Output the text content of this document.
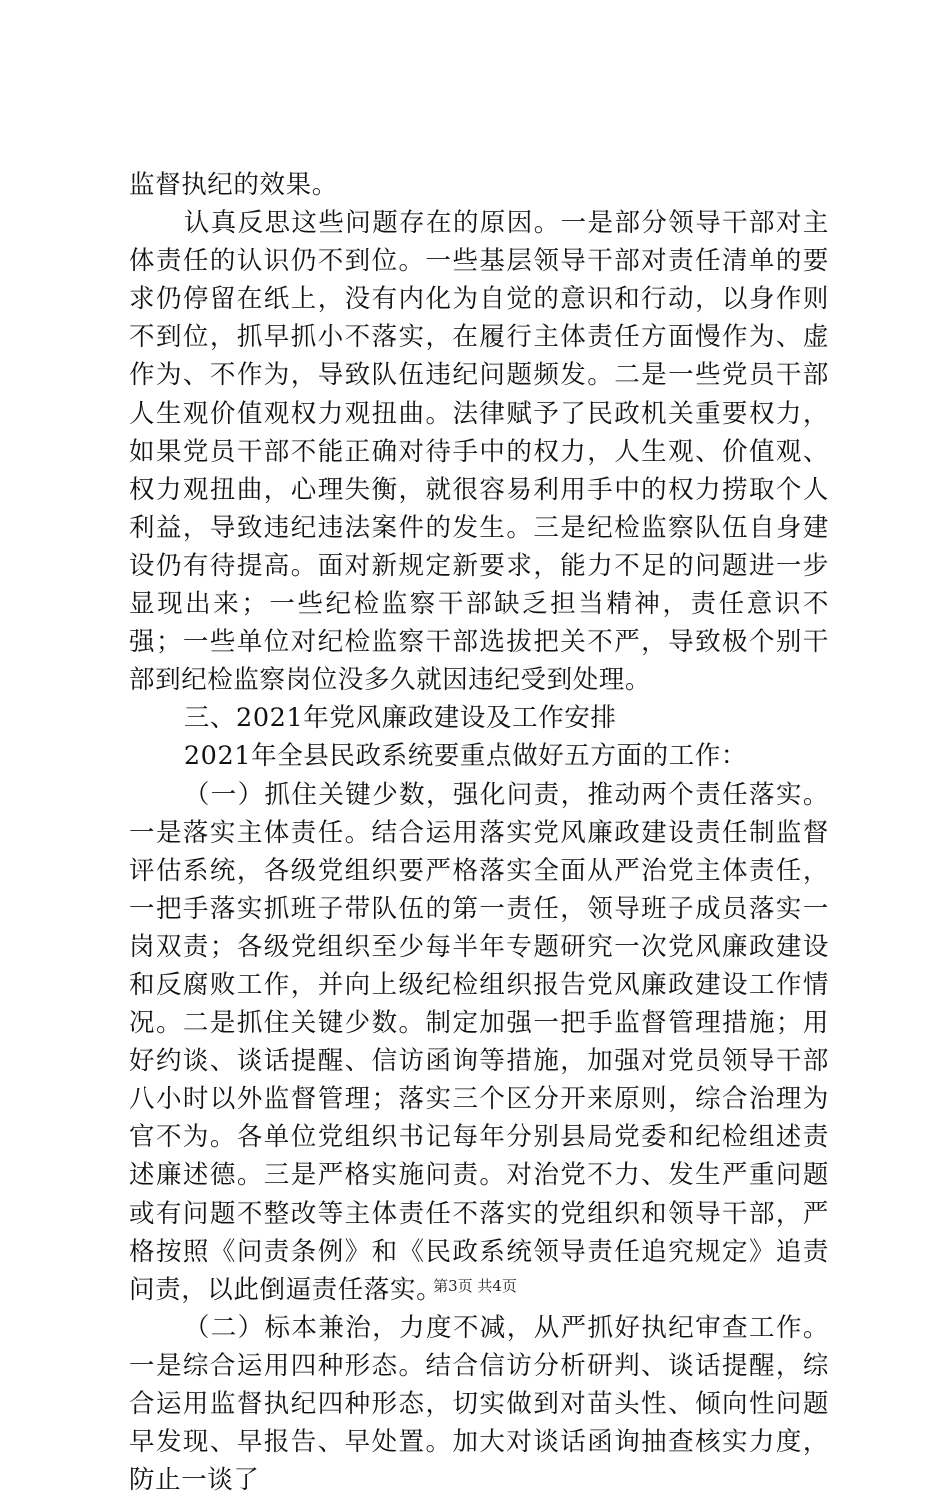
监督执纪的效果。

认真反思这些问题存在的原因。一是部分领导干部对主体责任的认识仍不到位。一些基层领导干部对责任清单的要求仍停留在纸上，没有内化为自觉的意识和行动，以身作则不到位，抓早抓小不落实，在履行主体责任方面慢作为、虚作为、不作为，导致队伍违纪问题频发。二是一些党员干部人生观价值观权力观扭曲。法律赋予了民政机关重要权力，如果党员干部不能正确对待手中的权力，人生观、价值观、权力观扭曲，心理失衡，就很容易利用手中的权力捞取个人利益，导致违纪违法案件的发生。三是纪检监察队伍自身建设仍有待提高。面对新规定新要求，能力不足的问题进一步显现出来；一些纪检监察干部缺乏担当精神，责任意识不强；一些单位对纪检监察干部选拔把关不严，导致极个别干部到纪检监察岗位没多久就因违纪受到处理。

三、2021年党风廉政建设及工作安排

2021年全县民政系统要重点做好五方面的工作：

（一）抓住关键少数，强化问责，推动两个责任落实。一是落实主体责任。结合运用落实党风廉政建设责任制监督评估系统，各级党组织要严格落实全面从严治党主体责任，一把手落实抓班子带队伍的第一责任，领导班子成员落实一岗双责；各级党组织至少每半年专题研究一次党风廉政建设和反腐败工作，并向上级纪检组织报告党风廉政建设工作情况。二是抓住关键少数。制定加强一把手监督管理措施；用好约谈、谈话提醒、信访函询等措施，加强对党员领导干部八小时以外监督管理；落实三个区分开来原则，综合治理为官不为。各单位党组织书记每年分别县局党委和纪检组述责述廉述德。三是严格实施问责。对治党不力、发生严重问题或有问题不整改等主体责任不落实的党组织和领导干部，严格按照《问责条例》和《民政系统领导责任追究规定》追责问责，以此倒逼责任落实。

（二）标本兼治，力度不减，从严抓好执纪审查工作。一是综合运用四种形态。结合信访分析研判、谈话提醒，综合运用监督执纪四种形态，切实做到对苗头性、倾向性问题早发现、早报告、早处置。加大对谈话函询抽查核实力度，防止一谈了

第3页 共4页
